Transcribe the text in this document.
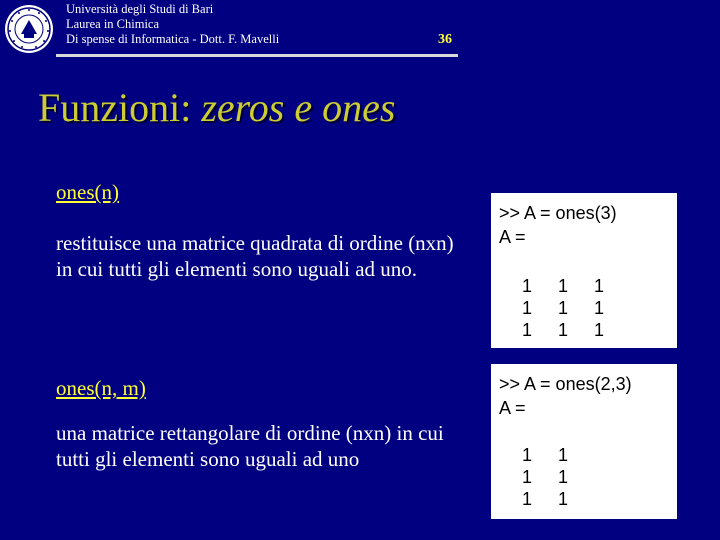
Università degli Studi di Bari
Laurea in Chimica
Di spense di Informatica - Dott. F. Mavelli	36
Funzioni: zeros e ones
ones(n)
restituisce una matrice quadrata di ordine (nxn) in cui tutti gli elementi sono uguali ad uno.
>> A = ones(3)
A =
1	1	1
1	1	1
1	1	1
ones(n, m)
una matrice rettangolare di ordine (nxn) in cui tutti gli elementi sono uguali ad uno
>> A = ones(2,3)
A =
1	1
1	1
1	1
